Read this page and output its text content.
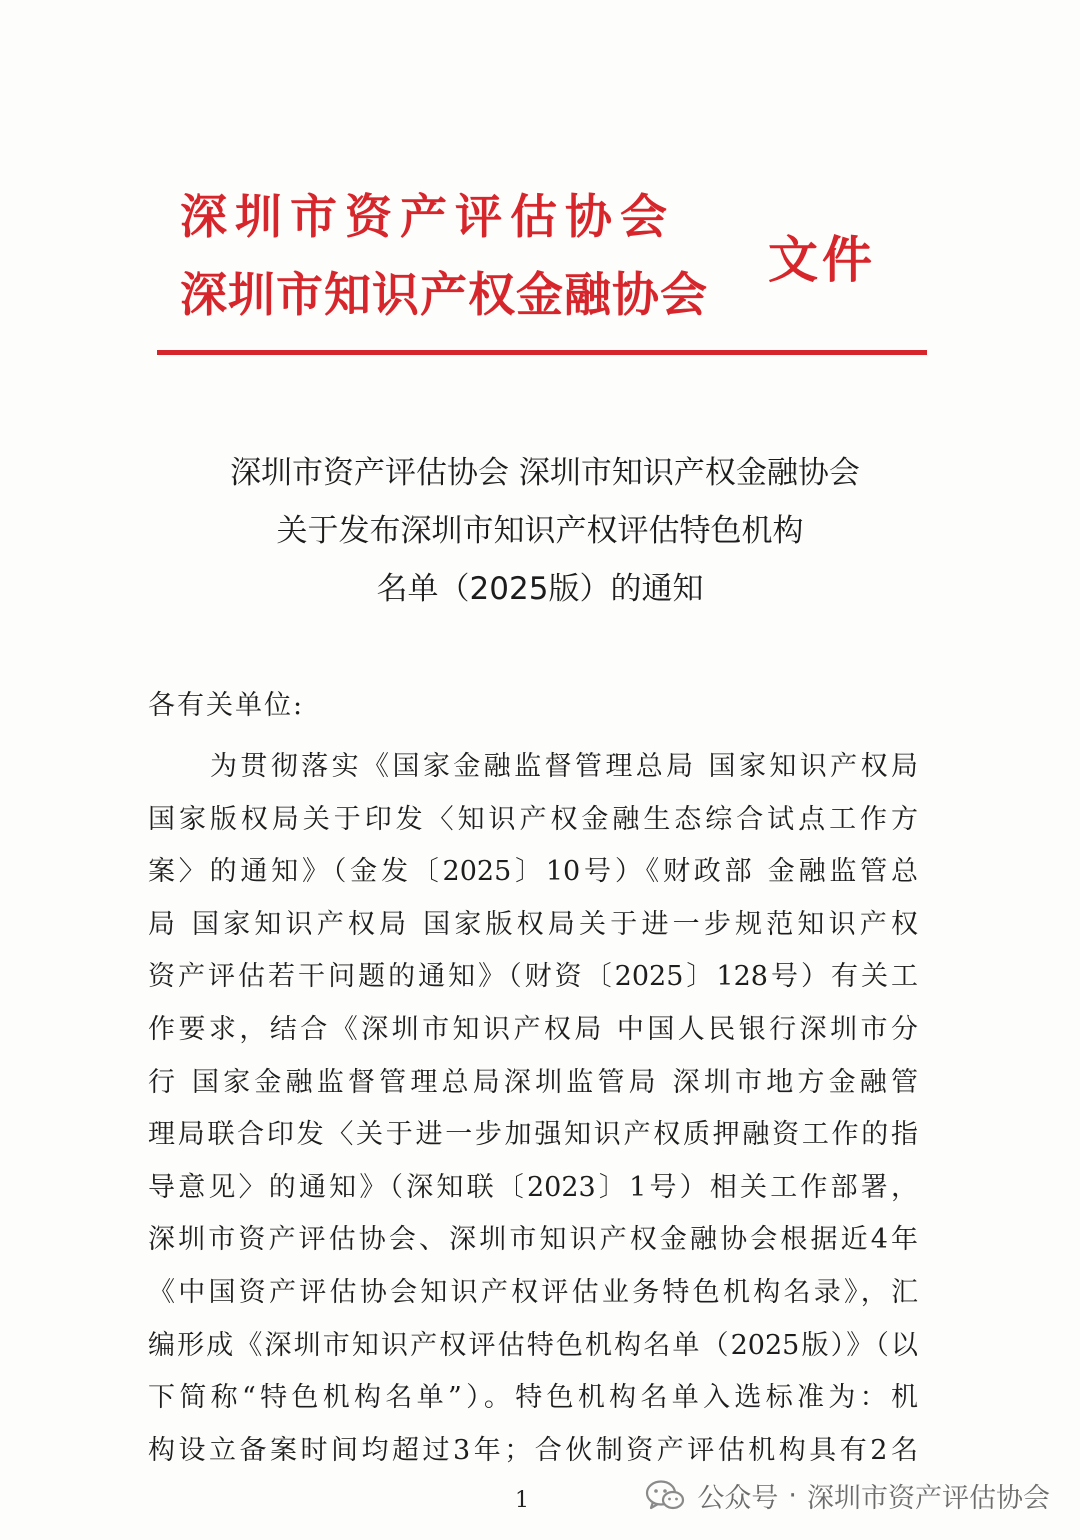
深圳市资产评估协会
深圳市知识产权金融协会
文件
深圳市资产评估协会 深圳市知识产权金融协会
关于发布深圳市知识产权评估特色机构
名单（2025版）的通知
各有关单位:
为贯彻落实《国家金融监督管理总局 国家知识产权局
国家版权局关于印发〈知识产权金融生态综合试点工作方
案〉的通知》（金发〔2025〕10号）《财政部 金融监管总
局 国家知识产权局 国家版权局关于进一步规范知识产权
资产评估若干问题的通知》（财资〔2025〕128号）有关工
作要求，结合《深圳市知识产权局 中国人民银行深圳市分
行 国家金融监督管理总局深圳监管局 深圳市地方金融管
理局联合印发〈关于进一步加强知识产权质押融资工作的指
导意见〉的通知》（深知联〔2023〕1号）相关工作部署，
深圳市资产评估协会、深圳市知识产权金融协会根据近4年
《中国资产评估协会知识产权评估业务特色机构名录》，汇
编形成《深圳市知识产权评估特色机构名单（2025版）》（以
下简称“特色机构名单”）。特色机构名单入选标准为：机
构设立备案时间均超过3年；合伙制资产评估机构具有2名
1	公众号 · 深圳市资产评估协会
